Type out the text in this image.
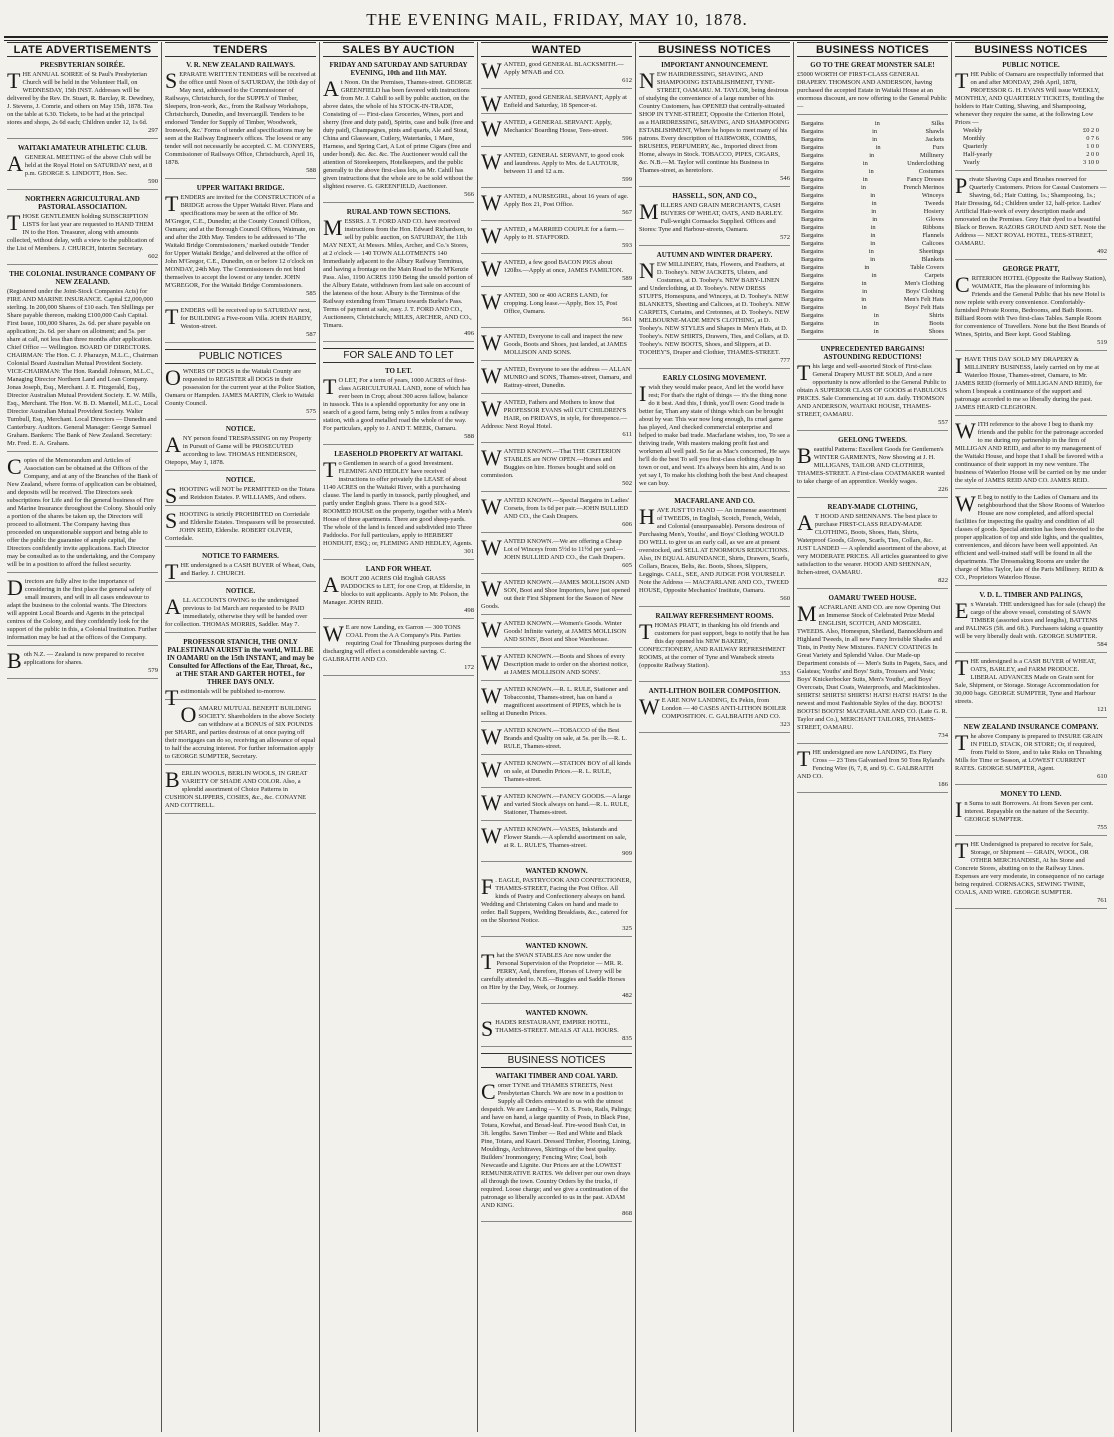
THE EVENING MAIL, FRIDAY, MAY 10, 1878.
LATE ADVERTISEMENTS
PRESBYTERIAN SOIRÉE.
THE ANNUAL SOIREE of St Paul's Presbyterian Church will be held in the Volunteer Hall, on WEDNESDAY, 15th INST. Addresses will be delivered by the Rev. Dr. Stuart, R. Barclay, R. Dewdney, J. Stevens, J. Comrie, and others on May 15th, 1878. Tea on the table at 6.30. Tickets, to be had at the principal stores and shops, 2s 6d each; Children under 12, 1s 6d.
297
WAITAKI AMATEUR ATHLETIC CLUB.
A GENERAL MEETING of the above Club will be held at the Royal Hotel on SATURDAY next, at 8 p.m. GEORGE S. LINDOTT, Hon. Sec.
590
NORTHERN AGRICULTURAL AND PASTORAL ASSOCIATION.
THOSE GENTLEMEN holding SUBSCRIPTION LISTS for last year are requested to HAND THEM IN to the Hon. Treasurer, along with amounts collected, without delay, with a view to the publication of the List of Members. J. CHURCH, Interim Secretary.
602
THE COLONIAL INSURANCE COMPANY OF NEW ZEALAND.
(Registered under the Joint-Stock Companies Acts) for FIRE AND MARINE INSURANCE. Capital £2,000,000 sterling. In 200,000 Shares of £10 each. Ten Shillings per Share payable thereon, making £100,000 Cash Capital. First Issue, 100,000 Shares, 2s. 6d. per share payable on application; 2s. 6d. per share on allotment; and 5s. per share at call, not less than three months after application. Chief Office — Wellington. BOARD OF DIRECTORS. CHAIRMAN: The Hon. C. J. Pharazyn, M.L.C., Chairman Colonial Board Australian Mutual Provident Society. VICE-CHAIRMAN: The Hon. Randall Johnson, M.L.C., Managing Director Northern Land and Loan Company. Jonas Joseph, Esq., Merchant. J. E. Fitzgerald, Esq., Director Australian Mutual Provident Society. E. W. Mills, Esq., Merchant. The Hon. W. B. D. Mantell, M.L.C., Local Director Australian Mutual Provident Society. Walter Turnbull, Esq., Merchant. Local Directors — Dunedin and Canterbury. Auditors. General Manager: George Samuel Graham. Bankers: The Bank of New Zealand. Secretary: Mr. Fred. E. A. Graham.
Copies of the Memorandum and Articles of Association can be obtained at the Offices of the Company, and at any of the Branches of the Bank of New Zealand, where forms of application can be obtained, and deposits will be received. The Directors seek subscriptions for Life and for the general business of Fire and Marine Insurance throughout the Colony. Should only a portion of the shares be taken up, the Directors will proceed to allotment. The Company having thus proceeded on unquestionable support and being able to offer the public the guarantee of ample capital, the Directors confidently invite applications. Each Director may be consulted as to the undertaking, and the Company will be in a position to afford the fullest security.
Directors are fully alive to the importance of considering in the first place the general safety of small insurers, and will in all cases endeavour to adapt the business to the colonial wants. The Directors will appoint Local Boards and Agents in the principal centres of the Colony, and they confidently look for the support of the public in this, a Colonial Institution. Further information may be had at the offices of the Company.
Both N.Z. — Zealand is now prepared to receive applications for shares.
579
TENDERS
V. R. NEW ZEALAND RAILWAYS.
SEPARATE WRITTEN TENDERS will be received at the office until Noon of SATURDAY, the 10th day of May next, addressed to the Commissioner of Railways, Christchurch, for the SUPPLY of Timber, Sleepers, Iron-work, &c., from the Railway Workshops, Christchurch, Dunedin, and Invercargill. Tenders to be endorsed 'Tender for Supply of Timber, Woodwork, Ironwork, &c.' Forms of tender and specifications may be seen at the Railway Engineer's offices. The lowest or any tender will not necessarily be accepted. C. M. CONYERS, Commissioner of Railways Office, Christchurch, April 16, 1878.
588
UPPER WAITAKI BRIDGE.
TENDERS are invited for the CONSTRUCTION of a BRIDGE across the Upper Waitaki River. Plans and specifications may be seen at the office of Mr. M'Gregor, C.E., Dunedin; at the County Council Offices, Oamaru; and at the Borough Council Offices, Waimate, on and after the 20th May. Tenders to be addressed to 'The Waitaki Bridge Commissioners,' marked outside 'Tender for Upper Waitaki Bridge,' and delivered at the office of John M'Gregor, C.E., Dunedin, on or before 12 o'clock on MONDAY, 24th May. The Commissioners do not bind themselves to accept the lowest or any tender. JOHN M'GREGOR, For the Waitaki Bridge Commissioners.
585
TENDERS will be received up to SATURDAY next, for BUILDING a Five-room Villa. JOHN HARDY, Weston-street.
587
PUBLIC NOTICES
OWNERS OF DOGS in the Waitaki County are requested to REGISTER all DOGS in their possession for the current year at the Police Station, Oamaru or Hampden. JAMES MARTIN, Clerk to Waitaki County Council.
575
NOTICE.
ANY person found TRESPASSING on my Property in Pursuit of Game will be PROSECUTED according to law. THOMAS HENDERSON, Otepopo, May 1, 1878.
NOTICE.
SHOOTING will NOT be PERMITTED on the Totara and Reidston Estates. P. WILLIAMS, And others.
SHOOTING is strictly PROHIBITED on Corriedale and Elderslie Estates. Trespassers will be prosecuted. JOHN REID, Elderslie. ROBERT OLIVER, Corriedale.
NOTICE TO FARMERS.
THE undersigned is a CASH BUYER of Wheat, Oats, and Barley. J. CHURCH.
NOTICE.
ALL ACCOUNTS OWING to the undersigned previous to 1st March are requested to be PAID immediately, otherwise they will be handed over for collection. THOMAS MORRIS, Saddler. May 7.
PROFESSOR STANICH, THE ONLY PALESTINIAN AURIST in the world, WILL BE IN OAMARU on the 15th INSTANT, and may be Consulted for Affections of the Ear, Throat, &c., at THE STAR AND GARTER HOTEL, for THREE DAYS ONLY.
Testimonials will be published to-morrow.
OAMARU MUTUAL BENEFIT BUILDING SOCIETY. Shareholders in the above Society can withdraw at a BONUS of SIX POUNDS per SHARE, and parties desirous of at once paying off their mortgages can do so, receiving an allowance of equal to half the accruing interest. For further information apply to GEORGE SUMPTER, Secretary.
BERLIN WOOLS, BERLIN WOOLS, IN GREAT VARIETY OF SHADE AND COLOR. Also, a splendid assortment of Choice Patterns in CUSHION SLIPPERS, COSIES, &c., &c. CONAYNE AND COTTRELL.
SALES BY AUCTION
FRIDAY AND SATURDAY AND SATURDAY EVENING, 10th and 11th MAY.
At Noon. On the Premises, Thames-street. GEORGE GREENFIELD has been favored with instructions from Mr. J. Cahill to sell by public auction, on the above dates, the whole of his STOCK-IN-TRADE, Consisting of — First-class Groceries, Wines, port and sherry (free and duty paid), Spirits, case and bulk (free and duty paid), Champagnes, pints and quarts, Ale and Stout, China and Glassware, Cutlery, Watertanks, 1 Mare, Harness, and Spring Cart, A Lot of prime Cigars (free and under bond). &c. &c. &c. The Auctioneer would call the attention of Storekeepers, Hotelkeepers, and the public generally to the above first-class lots, as Mr. Cahill has given instructions that the whole are to be sold without the slightest reserve. G. GREENFIELD, Auctioneer.
566
RURAL AND TOWN SECTIONS.
MESSRS. J. T. FORD AND CO. have received instructions from the Hon. Edward Richardson, to sell by public auction, on SATURDAY, the 11th MAY NEXT, At Messrs. Miles, Archer, and Co.'s Stores, at 2 o'clock — 140 TOWN ALLOTMENTS 140 Immediately adjacent to the Albury Railway Terminus, and having a frontage on the Main Road to the M'Kenzie Pass. Also, 1190 ACRES 1190 Being the unsold portion of the Albury Estate, withdrawn from last sale on account of the lateness of the hour. Albury is the Terminus of the Railway extending from Timaru towards Burke's Pass. Terms of payment at sale, easy. J. T. FORD AND CO., Auctioneers, Christchurch; MILES, ARCHER, AND CO., Timaru.
496
FOR SALE AND TO LET
TO LET.
T O LET, For a term of years, 1000 ACRES of first-class AGRICULTURAL LAND, none of which has ever been in Crop; about 300 acres fallow, balance in tussock. This is a splendid opportunity for any one in search of a good farm, being only 5 miles from a railway station, with a good metalled road the whole of the way. For particulars, apply to J. AND T. MEEK, Oamaru.
588
LEASEHOLD PROPERTY AT WAITAKI.
To Gentlemen in search of a good Investment. FLEMING AND HEDLEY have received instructions to offer privately the LEASE of about 1140 ACRES on the Waitaki River, with a purchasing clause. The land is partly in tussock, partly ploughed, and partly under English grass. There is a good SIX-ROOMED HOUSE on the property, together with a Men's House of three apartments. There are good sheep-yards. The whole of the land is fenced and subdivided into Three Paddocks. For full particulars, apply to HERBERT HONDUIT, ESQ.; or, FLEMING AND HEDLEY, Agents.
301
LAND FOR WHEAT.
ABOUT 200 ACRES Old English GRASS PADDOCKS to LET, for one Crop, at Elderslie, in blocks to suit applicants. Apply to Mr. Polson, the Manager. JOHN REID.
498
W E are now Landing, ex Garron — 300 TONS COAL From the A A Company's Pits. Parties requiring Coal for Thrashing purposes during the discharging will effect a considerable saving. C. GALBRAITH AND CO.
172
WANTED
WANTED, good GENERAL BLACKSMITH.—Apply M'NAB and CO.
612
WANTED, good GENERAL SERVANT, Apply at Enfield and Saturday, 18 Spencer-st.
WANTED, a GENERAL SERVANT. Apply, Mechanics' Boarding House, Tees-street.
596
WANTED, GENERAL SERVANT, to good cook and laundress. Apply to Mrs. de LAUTOUR, between 11 and 12 a.m.
599
WANTED, a NURSEGIRL, about 16 years of age. Apply Box 21, Post Office.
567
WANTED, a MARRIED COUPLE for a farm.—Apply to H. STAFFORD.
593
WANTED, a few good BACON PIGS about 120lbs.—Apply at once, JAMES FAMILTON.
589
WANTED, 300 or 400 ACRES LAND, for cropping. Long lease.—Apply, Box 15, Post Office, Oamaru.
561
WANTED, Everyone to call and inspect the new Goods, Boots and Shoes, just landed, at JAMES MOLLISON AND SONS.
WANTED, Everyone to see the address — ALLAN MUNRO and SONS, Thames-street, Oamaru, and Rattray-street, Dunedin.
WANTED, Fathers and Mothers to know that PROFESSOR EVANS will CUT CHILDREN'S HAIR, on FRIDAYS, in style, for threepence.—Address: Next Royal Hotel.
611
WANTED KNOWN.—That THE CRITERION STABLES are NOW OPEN.—Horses and Buggies on hire. Horses bought and sold on commission.
502
WANTED KNOWN.—Special Bargains in Ladies' Corsets, from 1s 6d per pair.—JOHN BULLIED AND CO., the Cash Drapers.
606
WANTED KNOWN.—We are offering a Cheap Lot of Winceys from 5½d to 11½d per yard.—JOHN BULLIED AND CO., the Cash Drapers.
605
WANTED KNOWN.—JAMES MOLLISON AND SON, Boot and Shoe Importers, have just opened out their First Shipment for the Season of New Goods.
WANTED KNOWN.—Women's Goods. Winter Goods! Infinite variety, at JAMES MOLLISON AND SONS', Boot and Shoe Warehouse.
WANTED KNOWN.—Boots and Shoes of every Description made to order on the shortest notice, at JAMES MOLLISON AND SONS'.
WANTED KNOWN.—R. L. RULE, Stationer and Tobacconist, Thames-street, has on hand a magnificent assortment of PIPES, which he is selling at Dunedin Prices.
WANTED KNOWN.—TOBACCO of the Best Brands and Quality on sale, at 5s. per lb.—R. L. RULE, Thames-street.
WANTED KNOWN.—STATION BOY of all kinds on sale, at Dunedin Prices.—R. L. RULE, Thames-street.
WANTED KNOWN.—FANCY GOODS.—A large and varied Stock always on hand.—R. L. RULE, Stationer, Thames-street.
WANTED KNOWN.—VASES, Inkstands and Flower Stands.—A splendid assortment on sale, at R. L. RULE'S, Thames-street.
909
WANTED KNOWN.
F . EAGLE, PASTRYCOOK AND CONFECTIONER, THAMES-STREET, Facing the Post Office. All kinds of Pastry and Confectionery always on hand. Wedding and Christening Cakes on hand and made to order. Ball Suppers, Wedding Breakfasts, &c., catered for on the Shortest Notice.
325
WANTED KNOWN.
That the SWAN STABLES Are now under the Personal Supervision of the Proprietor — MR. R. PERRY, And, therefore, Horses of Livery will be carefully attended to. N.B.—Buggies and Saddle Horses on Hire by the Day, Week, or Journey.
482
WANTED KNOWN.
SHADES RESTAURANT, EMPIRE HOTEL, THAMES-STREET. MEALS AT ALL HOURS.
835
BUSINESS NOTICES
WAITAKI TIMBER AND COAL YARD.
Corner TYNE and THAMES STREETS, Next Presbyterian Church. We are now in a position to Supply all Orders entrusted to us with the utmost despatch. We are Landing — V. D. S. Posts, Rails, Palings; and have on hand, a large quantity of Posts, in Black Pine, Totara, Kowhai, and Broad-leaf. Fire-wood Bush Cut, in 3ft. lengths. Sawn Timber — Red and White and Black Pine, Totara, and Kauri. Dressed Timber, Flooring, Lining, Mouldings, Architraves, Skirtings of the best quality. Builders' Ironmongery; Fencing Wire; Coal, both Newcastle and Lignite. Our Prices are at the LOWEST REMUNERATIVE RATES. We deliver per our own drays all through the town. Country Orders by the trucks, if required. Loose charge; and we give a continuation of the patronage so liberally accorded to us in the past. ADAM AND KING.
868
BUSINESS NOTICES
IMPORTANT ANNOUNCEMENT.
NEW HAIRDRESSING, SHAVING, AND SHAMPOOING ESTABLISHMENT, TYNE-STREET, OAMARU. M. TAYLOR, being desirous of studying the convenience of a large number of his Country Customers, has OPENED that centrally-situated SHOP IN TYNE-STREET, Opposite the Criterion Hotel, as a HAIRDRESSING, SHAVING, AND SHAMPOOING ESTABLISHMENT, Where he hopes to meet many of his patrons. Every description of HAIRWORK, COMBS, BRUSHES, PERFUMERY, &c., Imported direct from Home, always in Stock. TOBACCO, PIPES, CIGARS, &c. N.B.—M. Taylor will continue his Business in Thames-street, as heretofore.
546
HASSELL, SON, AND CO.,
MILLERS AND GRAIN MERCHANTS, CASH BUYERS OF WHEAT, OATS, AND BARLEY. Full-weight Cornsacks Supplied. Offices and Stores: Tyne and Harbour-streets, Oamaru.
572
AUTUMN AND WINTER DRAPERY.
NEW MILLINERY, Hats, Flowers, and Feathers, at D. Toohey's. NEW JACKETS, Ulsters, and Costumes, at D. Toohey's. NEW BABY-LINEN and Underclothing, at D. Toohey's. NEW DRESS STUFFS, Homespuns, and Winceys, at D. Toohey's. NEW BLANKETS, Sheeting and Calicoes, at D. Toohey's. NEW CARPETS, Curtains, and Cretonnes, at D. Toohey's. NEW MELBOURNE-MADE MEN'S CLOTHING, at D. Toohey's. NEW STYLES and Shapes in Men's Hats, at D. Toohey's. NEW SHIRTS, Drawers, Ties, and Collars, at D. Toohey's. NEW BOOTS, Shoes, and Slippers, at D. TOOHEY'S, Draper and Clothier, THAMES-STREET.
777
EARLY CLOSING MOVEMENT.
I wish they would make peace, And let the world have rest; For that's the right of things — it's the thing none do it best. And this, I think, you'll own: Good trade is better far, Than any state of things which can be brought about by war. This war now long enough, Its cruel game has played, And checked commercial enterprise and helped to make bad trade. Macfarlane wishes, too, To see a thriving trade, With masters making profit fast and workmen all well paid. So far as Mac's concerned, He says he'll do the best To sell you first-class clothing cheap In town or out, and west. It's always been his aim, And is so yet say I, To make his clothing both the best And cheapest we can buy.
MACFARLANE AND CO.
HAVE JUST TO HAND — An immense assortment of TWEEDS, in English, Scotch, French, Welsh, and Colonial (unsurpassable). Persons desirous of Purchasing Men's, Youths', and Boys' Clothing WOULD DO WELL to give us an early call, as we are at present overstocked, and SELL AT ENORMOUS REDUCTIONS. Also, IN EQUAL ABUNDANCE, Shirts, Drawers, Scarfs, Collars, Braces, Belts, &c. Boots, Shoes, Slippers, Leggings. CALL, SEE, AND JUDGE FOR YOURSELF. Note the Address — MACFARLANE AND CO., TWEED HOUSE, Opposite Mechanics' Institute, Oamaru.
560
RAILWAY REFRESHMENT ROOMS.
THOMAS PRATT, in thanking his old friends and customers for past support, begs to notify that he has this day opened his NEW BAKERY, CONFECTIONERY, AND RAILWAY REFRESHMENT ROOMS, at the corner of Tyne and Wansbeck streets (opposite Railway Station).
353
ANTI-LITHON BOILER COMPOSITION.
W E ARE NOW LANDING, Ex Pekin, from London — 40 CASES ANTI-LITHON BOILER COMPOSITION. C. GALBRAITH AND CO.
323
BUSINESS NOTICES
GO TO THE GREAT MONSTER SALE!
£5000 WORTH OF FIRST-CLASS GENERAL DRAPERY. THOMSON AND ANDERSON, having purchased the accepted Estate in Waitaki House at an enormous discount, are now offering to the General Public —
Bargains	in	Silks
Bargains	in	Shawls
Bargains	in	Jackets
Bargains	in	Furs
Bargains	in	Millinery
Bargains	in	Underclothing
Bargains	in	Costumes
Bargains	in	Fancy Dresses
Bargains	in	French Merinos
Bargains	in	Winceys
Bargains	in	Tweeds
Bargains	in	Hosiery
Bargains	in	Gloves
Bargains	in	Ribbons
Bargains	in	Flannels
Bargains	in	Calicoes
Bargains	in	Sheetings
Bargains	in	Blankets
Bargains	in	Table Covers
Bargains	in	Carpets
Bargains	in	Men's Clothing
Bargains	in	Boys' Clothing
Bargains	in	Men's Felt Hats
Bargains	in	Boys' Felt Hats
Bargains	in	Shirts
Bargains	in	Boots
Bargains	in	Shoes
UNPRECEDENTED BARGAINS! ASTOUNDING REDUCTIONS!
This large and well-assorted Stock of First-class General Drapery MUST BE SOLD, And a rare opportunity is now afforded to the General Public to obtain A SUPERIOR CLASS OF GOODS at FABULOUS PRICES. Sale Commencing at 10 a.m. daily. THOMSON AND ANDERSON, WAITAKI HOUSE, THAMES-STREET, OAMARU.
557
GEELONG TWEEDS.
Beautiful Patterns: Excellent Goods for Gentlemen's WINTER GARMENTS, Now Showing at J. H. MILLIGANS, TAILOR AND CLOTHIER, THAMES-STREET. A First-class COATMAKER wanted to take charge of an apprentice. Weekly wages.
226
READY-MADE CLOTHING,
A T HOOD AND SHENNAN'S. The best place to purchase FIRST-CLASS READY-MADE CLOTHING, Boots, Shoes, Hats, Shirts, Waterproof Goods, Gloves, Scarfs, Ties, Collars, &c. JUST LANDED — A splendid assortment of the above, at very MODERATE PRICES. All articles guaranteed to give satisfaction to the wearer. HOOD AND SHENNAN, Itchen-street, OAMARU.
822
OAMARU TWEED HOUSE.
MACFARLANE AND CO. are now Opening Out an Immense Stock of Celebrated Prize Medal ENGLISH, SCOTCH, AND MOSGIEL TWEEDS. Also, Homespun, Shetland, Bannockburn and Highland Tweeds, in all new Fancy Invisible Shades and Tints, in Pretty New Mixtures. FANCY COATINGS In Great Variety and Splendid Value. Our Made-up Department consists of — Men's Suits in Pagets, Sacs, and Galateas; Youths' and Boys' Suits, Trousers and Vests; Boys' Knickerbocker Suits, Men's Youths', and Boys' Overcoats, Dust Coats, Waterproofs, and Mackintoshes. SHIRTS! SHIRTS! SHIRTS! HATS! HATS! HATS! In the newest and most Fashionable Styles of the day. BOOTS! BOOTS! BOOTS! MACFARLANE AND CO. (Late G. R. Taylor and Co.), MERCHANT TAILORS, THAMES-STREET, OAMARU.
734
THE undersigned are now LANDING, Ex Fiery Cross — 23 Tons Galvanised Iron 50 Tons Ryland's Fencing Wire (6, 7, 8, and 9). C. GALBRAITH AND CO.
186
BUSINESS NOTICES
PUBLIC NOTICE.
THE Public of Oamaru are respectfully informed that on and after MONDAY, 29th April, 1878, PROFESSOR G. H. EVANS Will issue WEEKLY, MONTHLY, AND QUARTERLY TICKETS, Entitling the holders to Hair Cutting, Shaving, and Shampooing, whenever they require the same, at the following Low Prices —
Weekly	£0 2 0
Monthly	0 7 6
Quarterly	1 0 0
Half-yearly	2 0 0
Yearly	3 10 0
Private Shaving Cups and Brushes reserved for Quarterly Customers. Prices for Casual Customers — Shaving, 6d.; Hair Cutting, 1s.; Shampooing, 1s.; Hair Dressing, 6d.; Children under 12, half-price. Ladies' Artificial Hair-work of every description made and renovated on the Premises. Grey Hair dyed to a beautiful Black or Brown. RAZORS GROUND AND SET. Note the Address — NEXT ROYAL HOTEL, TEES-STREET, OAMARU.
492
GEORGE PRATT,
CRITERION HOTEL (Opposite the Railway Station), WAIMATE, Has the pleasure of informing his Friends and the General Public that his new Hotel is now replete with every convenience. Comfortably-furnished Private Rooms, Bedrooms, and Bath Room. Billiard Room with Two first-class Tables. Sample Room for convenience of Travellers. None but the Best Brands of Wines, Spirits, and Beer kept. Good Stabling.
519
I HAVE THIS DAY SOLD MY DRAPERY & MILLINERY BUSINESS, lately carried on by me at Waterloo House, Thames-street, Oamaru, to Mr. JAMES REID (formerly of MILLIGAN AND REID), for whom I bespeak a continuance of the support and patronage accorded to me so liberally during the past. JAMES HEARD CLEGHORN.
WITH reference to the above I beg to thank my friends and the public for the patronage accorded to me during my partnership in the firm of MILLIGAN AND REID, and after to my management of the Waitaki House, and hope that I shall be favored with a continuance of their support in my new venture. The business of Waterloo House will be carried on by me under the style of JAMES REID AND CO. JAMES REID.
W E beg to notify to the Ladies of Oamaru and its neighbourhood that the Show Rooms of Waterloo House are now completed, and afford special facilities for inspecting the quality and condition of all classes of goods. Special attention has been devoted to the proper application of top and side lights, and the qualities, conveniences, and décors have been well appointed. An efficient and well-trained staff will be found in all the departments. The Dressmaking Rooms are under the charge of Miss Taylor, late of the Paris Millinery. REID & CO., Proprietors Waterloo House.
V. D. L. TIMBER AND PALINGS,
Ex Waratah. THE undersigned has for sale (cheap) the cargo of the above vessel, consisting of SAWN TIMBER (assorted sizes and lengths), BATTENS and PALINGS (5ft. and 6ft.). Purchasers taking a quantity will be very liberally dealt with. GEORGE SUMPTER.
584
THE undersigned is a CASH BUYER of WHEAT, OATS, BARLEY, and FARM PRODUCE. LIBERAL ADVANCES Made on Grain sent for Sale, Shipment, or Storage. Storage Accommodation for 30,000 bags. GEORGE SUMPTER, Tyne and Harbour streets.
121
NEW ZEALAND INSURANCE COMPANY.
The above Company is prepared to INSURE GRAIN IN FIELD, STACK, OR STORE; Or, if required, from Field to Store, and to take Risks on Thrashing Mills for Time or Season, at LOWEST CURRENT RATES. GEORGE SUMPTER, Agent.
610
MONEY TO LEND.
In Sums to suit Borrowers. At from Seven per cent. interest. Repayable on the nature of the Security. GEORGE SUMPTER.
755
THE Undersigned is prepared to receive for Sale, Storage, or Shipment — GRAIN, WOOL, OR OTHER MERCHANDISE, At his Stone and Concrete Stores, abutting on to the Railway Lines. Expenses are very moderate, in consequence of no cartage being required. CORNSACKS, SEWING TWINE, COALS, AND WIRE. GEORGE SUMPTER.
761
